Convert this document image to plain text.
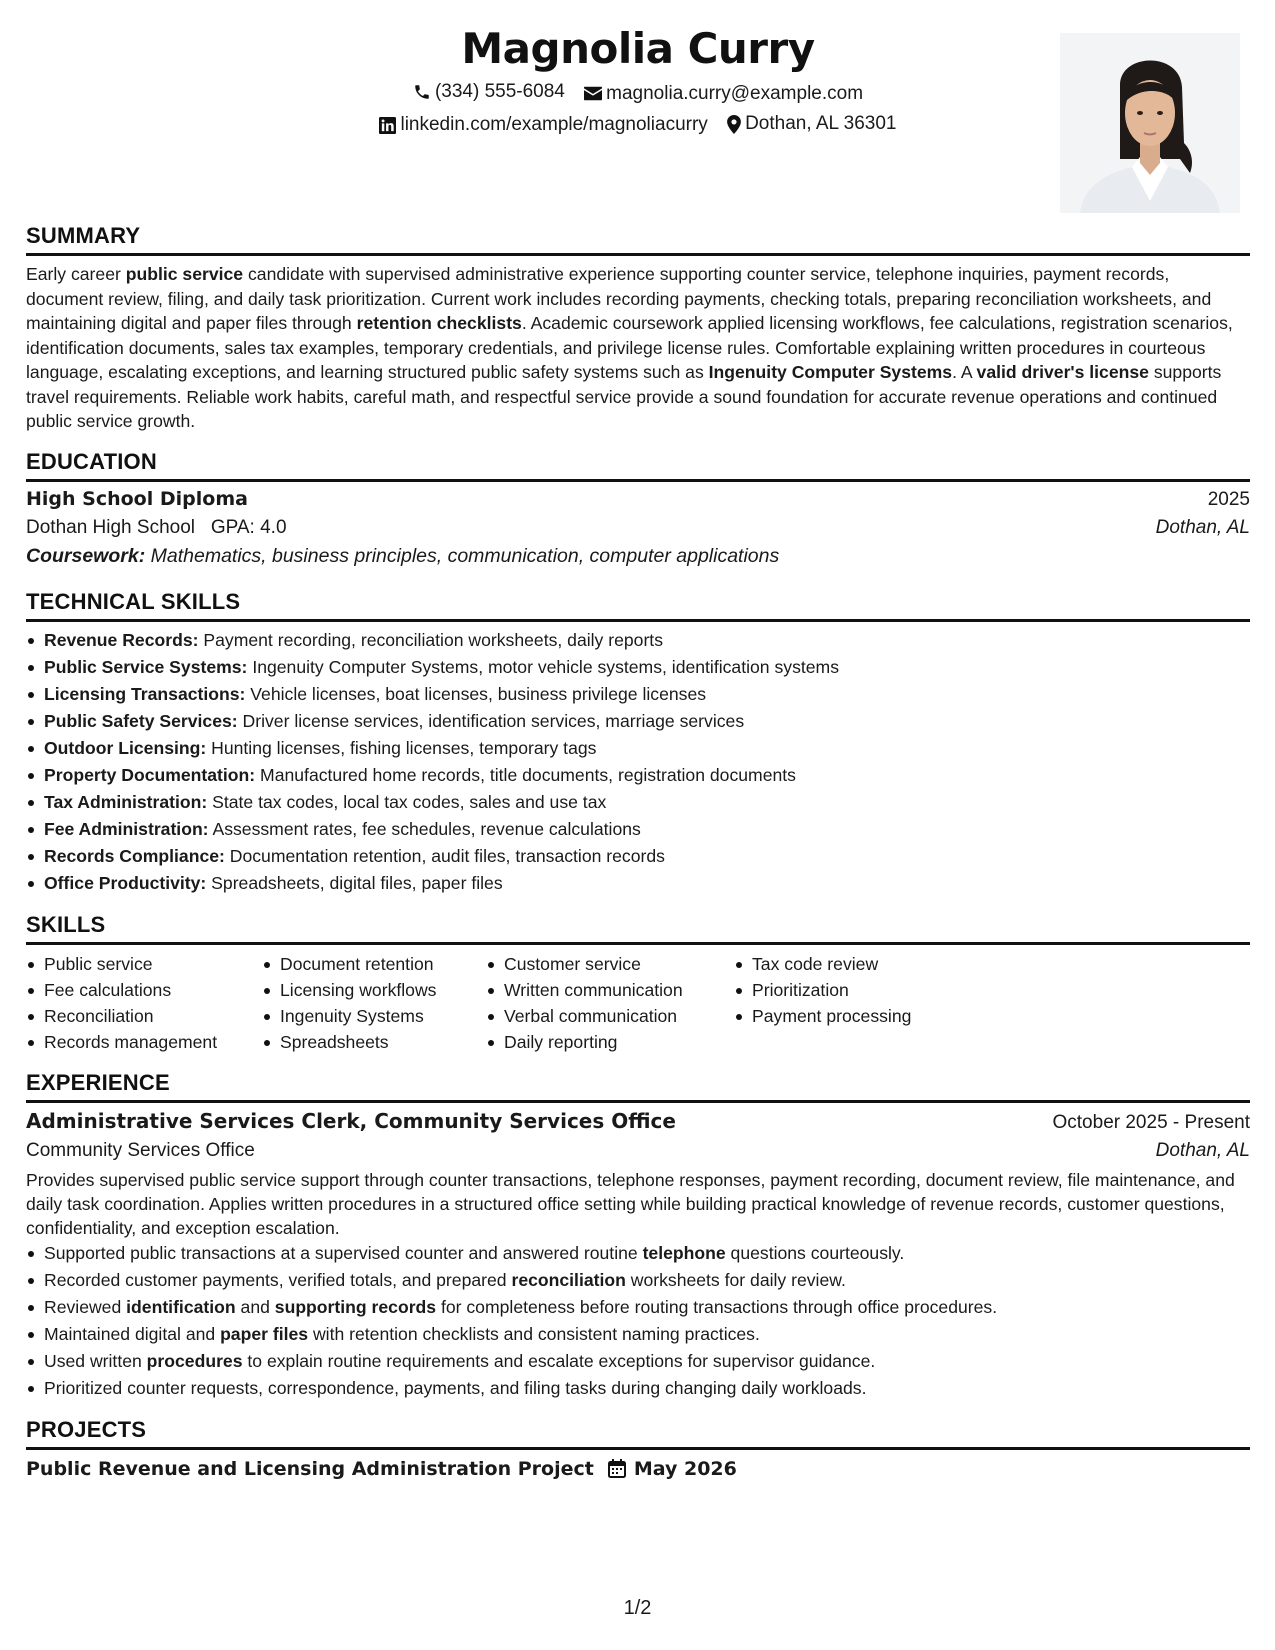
Magnolia Curry
(334) 555-6084
magnolia.curry@example.com
linkedin.com/example/magnoliacurry
Dothan, AL 36301
SUMMARY

Early career public service candidate with supervised administrative experience supporting counter service, telephone inquiries, payment records, document review, filing, and daily task prioritization. Current work includes recording payments, checking totals, preparing reconciliation worksheets, and maintaining digital and paper files through retention checklists. Academic coursework applied licensing workflows, fee calculations, registration scenarios, identification documents, sales tax examples, temporary credentials, and privilege license rules. Comfortable explaining written procedures in courteous language, escalating exceptions, and learning structured public safety systems such as Ingenuity Computer Systems. A valid driver's license supports travel requirements. Reliable work habits, careful math, and respectful service provide a sound foundation for accurate revenue operations and continued public service growth.

EDUCATION
High School Diploma	2025
Dothan High School GPA: 4.0	Dothan, AL
Coursework: Mathematics, business principles, communication, computer applications
TECHNICAL SKILLS
Revenue Records: Payment recording, reconciliation worksheets, daily reports
Public Service Systems: Ingenuity Computer Systems, motor vehicle systems, identification systems
Licensing Transactions: Vehicle licenses, boat licenses, business privilege licenses
Public Safety Services: Driver license services, identification services, marriage services
Outdoor Licensing: Hunting licenses, fishing licenses, temporary tags
Property Documentation: Manufactured home records, title documents, registration documents
Tax Administration: State tax codes, local tax codes, sales and use tax
Fee Administration: Assessment rates, fee schedules, revenue calculations
Records Compliance: Documentation retention, audit files, transaction records
Office Productivity: Spreadsheets, digital files, paper files
SKILLS
Public service
Fee calculations
Reconciliation
Records management
Document retention
Licensing workflows
Ingenuity Systems
Spreadsheets
Customer service
Written communication
Verbal communication
Daily reporting
Tax code review
Prioritization
Payment processing
EXPERIENCE
Administrative Services Clerk, Community Services Office	October 2025 - Present
Community Services Office	Dothan, AL

Provides supervised public service support through counter transactions, telephone responses, payment recording, document review, file maintenance, and daily task coordination. Applies written procedures in a structured office setting while building practical knowledge of revenue records, customer questions, confidentiality, and exception escalation.

Supported public transactions at a supervised counter and answered routine telephone questions courteously.
Recorded customer payments, verified totals, and prepared reconciliation worksheets for daily review.
Reviewed identification and supporting records for completeness before routing transactions through office procedures.
Maintained digital and paper files with retention checklists and consistent naming practices.
Used written procedures to explain routine requirements and escalate exceptions for supervisor guidance.
Prioritized counter requests, correspondence, payments, and filing tasks during changing daily workloads.
PROJECTS
Public Revenue and Licensing Administration Project May 2026
1/2
